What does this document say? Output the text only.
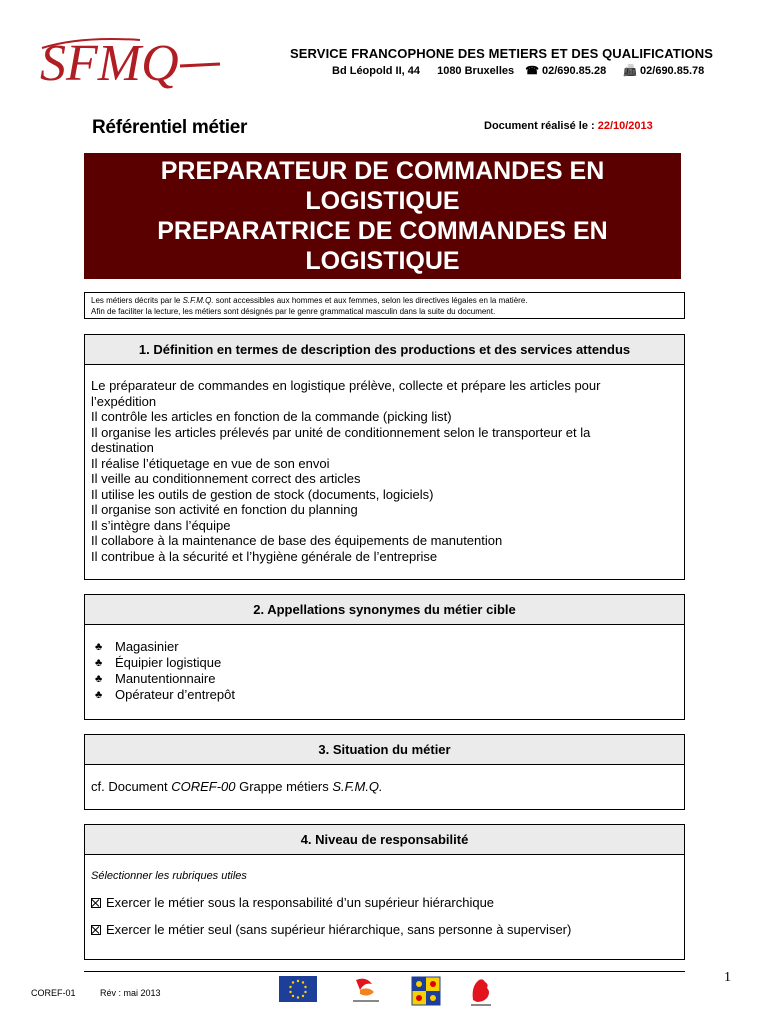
SFMQ	SERVICE FRANCOPHONE DES METIERS ET DES QUALIFICATIONS
Bd Léopold II, 44 1080 Bruxelles ☎ 02/690.85.28 📠 02/690.85.78
Référentiel métier	Document réalisé le : 22/10/2013
PREPARATEUR DE COMMANDES EN
LOGISTIQUE
PREPARATRICE DE COMMANDES EN
LOGISTIQUE
Les métiers décrits par le S.F.M.Q. sont accessibles aux hommes et aux femmes, selon les directives légales en la matière.
Afin de faciliter la lecture, les métiers sont désignés par le genre grammatical masculin dans la suite du document.
1. Définition en termes de description des productions et des services attendus

Le préparateur de commandes en logistique prélève, collecte et prépare les articles pour

l’expédition

Il contrôle les articles en fonction de la commande (picking list)

Il organise les articles prélevés par unité de conditionnement selon le transporteur et la

destination

Il réalise l’étiquetage en vue de son envoi

Il veille au conditionnement correct des articles

Il utilise les outils de gestion de stock (documents, logiciels)

Il organise son activité en fonction du planning

Il s’intègre dans l’équipe

Il collabore à la maintenance de base des équipements de manutention

Il contribue à la sécurité et l’hygiène générale de l’entreprise

2. Appellations synonymes du métier cible
♣ Magasinier
♣ Équipier logistique
♣ Manutentionnaire
♣ Opérateur d’entrepôt
3. Situation du métier
cf. Document COREF-00 Grappe métiers S.F.M.Q.
4. Niveau de responsabilité

Sélectionner les rubriques utiles

Exercer le métier sous la responsabilité d’un supérieur hiérarchique

Exercer le métier seul (sans supérieur hiérarchique, sans personne à superviser)

1
COREF-01	Rév : mai 2013
